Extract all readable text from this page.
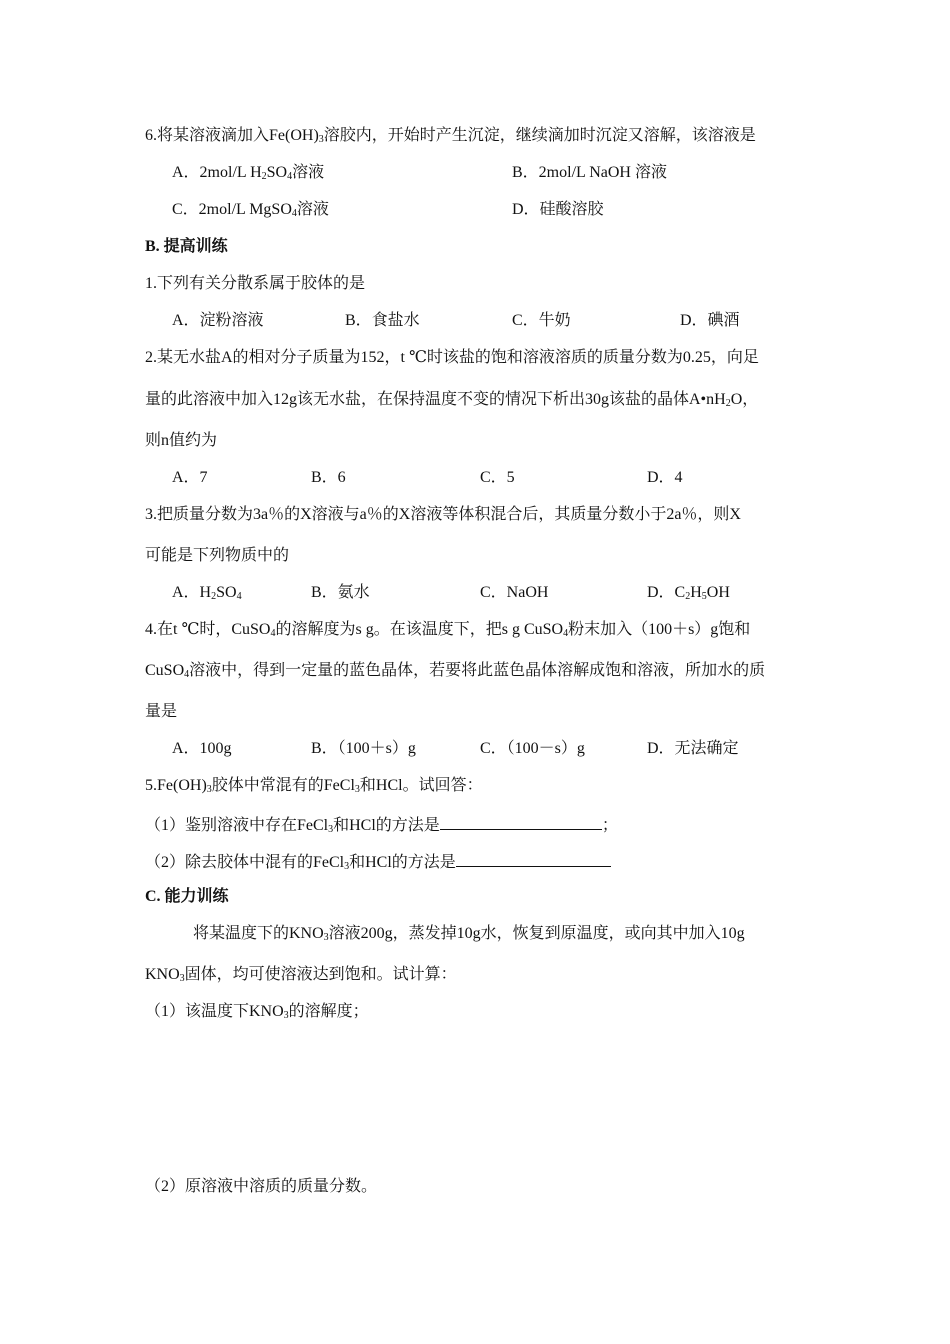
6.将某溶液滴加入$Fe(OH)_3$溶胶内，开始时产生沉淀，继续滴加时沉淀又溶解，该溶液是
A．2mol/L $H_2SO_4$溶液	B．2mol/L NaOH 溶液
C．2mol/L MgSO$_4$溶液	D．硅酸溶胶
B. 提高训练
1.下列有关分散系属于胶体的是
A．淀粉溶液	B．食盐水	C．牛奶	D．碘酒
2.某无水盐A的相对分子质量为152，t ℃时该盐的饱和溶液溶质的质量分数为0.25，向足
量的此溶液中加入12g该无水盐，在保持温度不变的情况下析出30g该盐的晶体$A•nH_2O$，
则n值约为
A．7	B．6	C．5	D．4
3.把质量分数为3a％的X溶液与a％的X溶液等体积混合后，其质量分数小于2a％，则X
可能是下列物质中的
A．$H_2SO_4$	B．氨水	C．NaOH	D．$C_2H_5OH$
4.在t ℃时，CuSO$_4$的溶解度为s g。在该温度下，把s g CuSO$_4$粉末加入（100＋s）g饱和
CuSO$_4$溶液中，得到一定量的蓝色晶体，若要将此蓝色晶体溶解成饱和溶液，所加水的质
量是
A．100g	B．（100＋s）g	C．（100－s）g	D．无法确定
$5.Fe(OH)_3$胶体中常混有的FeCl$_3$和HCl。试回答：
（1）鉴别溶液中存在FeCl$_3$和HCl的方法是	；
（2）除去胶体中混有的FeCl$_3$和HCl的方法是
C. 能力训练
将某温度下的$KNO_3$溶液200g，蒸发掉10g水，恢复到原温度，或向其中加入10g
$KNO_3$固体，均可使溶液达到饱和。试计算：
（1）该温度下$KNO_3$的溶解度；
（2）原溶液中溶质的质量分数。
